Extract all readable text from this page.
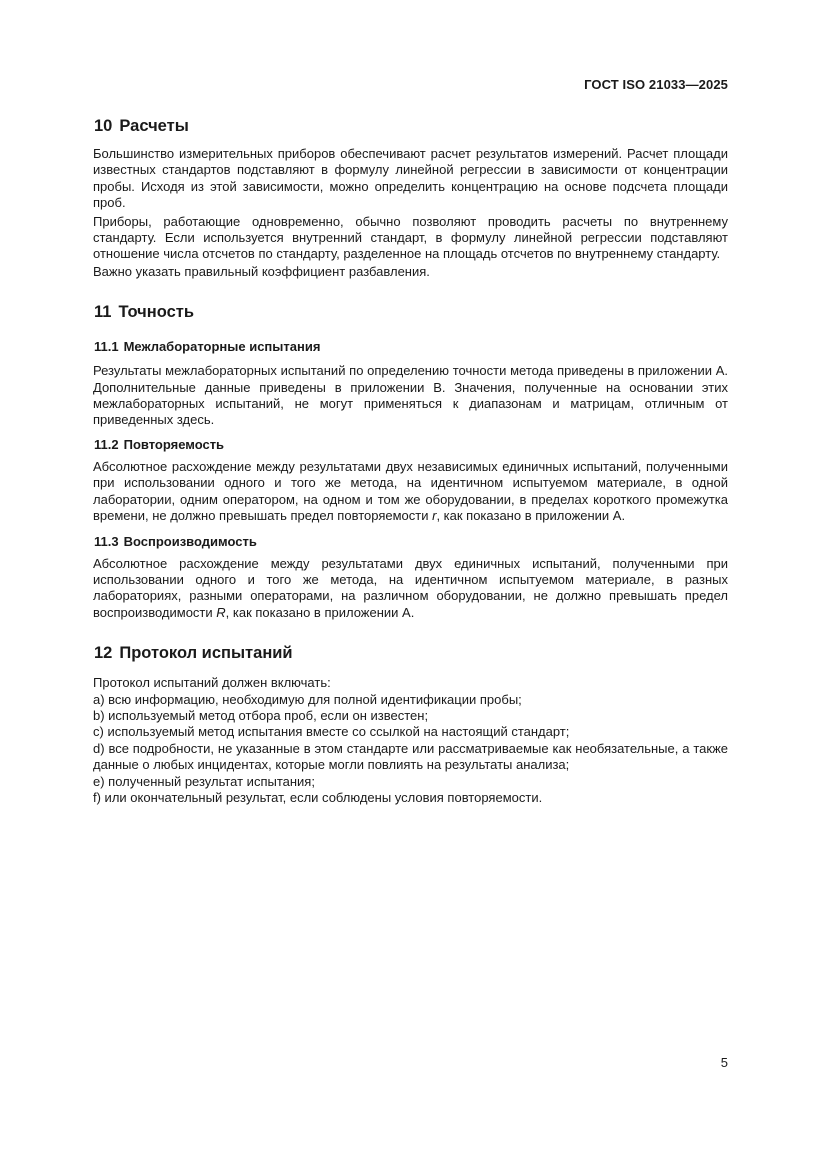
ГОСТ ISO 21033—2025
10 Расчеты

Большинство измерительных приборов обеспечивают расчет результатов измерений. Расчет площади известных стандартов подставляют в формулу линейной регрессии в зависимости от концентрации пробы. Исходя из этой зависимости, можно определить концентрацию на основе подсчета площади проб.

Приборы, работающие одновременно, обычно позволяют проводить расчеты по внутреннему стандарту. Если используется внутренний стандарт, в формулу линейной регрессии подставляют отношение числа отсчетов по стандарту, разделенное на площадь отсчетов по внутреннему стандарту.

Важно указать правильный коэффициент разбавления.

11 Точность
11.1 Межлабораторные испытания

Результаты межлабораторных испытаний по определению точности метода приведены в приложении А. Дополнительные данные приведены в приложении В. Значения, полученные на основании этих межлабораторных испытаний, не могут применяться к диапазонам и матрицам, отличным от приведенных здесь.

11.2 Повторяемость

Абсолютное расхождение между результатами двух независимых единичных испытаний, полученными при использовании одного и того же метода, на идентичном испытуемом материале, в одной лаборатории, одним оператором, на одном и том же оборудовании, в пределах короткого промежутка времени, не должно превышать предел повторяемости r, как показано в приложении А.

11.3 Воспроизводимость

Абсолютное расхождение между результатами двух единичных испытаний, полученными при использовании одного и того же метода, на идентичном испытуемом материале, в разных лабораториях, разными операторами, на различном оборудовании, не должно превышать предел воспроизводимости R, как показано в приложении А.

12 Протокол испытаний

Протокол испытаний должен включать:

a) всю информацию, необходимую для полной идентификации пробы;

b) используемый метод отбора проб, если он известен;

c) используемый метод испытания вместе со ссылкой на настоящий стандарт;

d) все подробности, не указанные в этом стандарте или рассматриваемые как необязательные, а также данные о любых инцидентах, которые могли повлиять на результаты анализа;

e) полученный результат испытания;

f) или окончательный результат, если соблюдены условия повторяемости.

5
